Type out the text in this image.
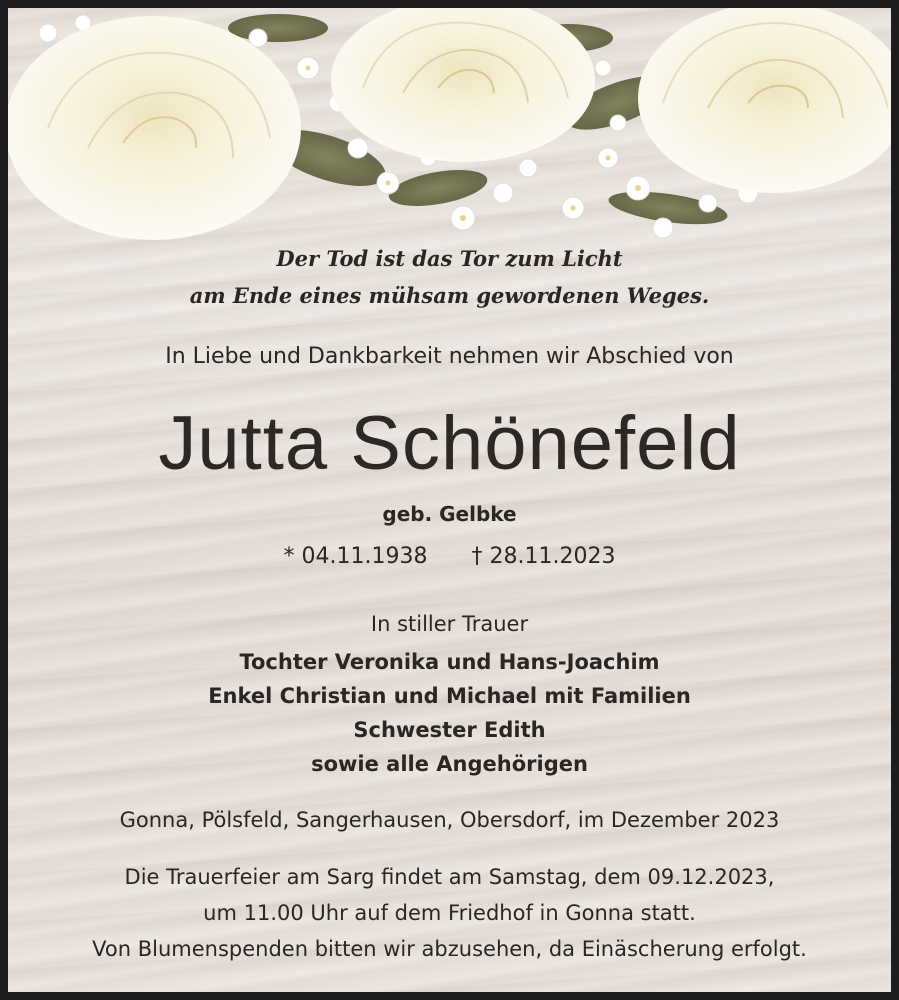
Der Tod ist das Tor zum Licht
am Ende eines mühsam gewordenen Weges.
In Liebe und Dankbarkeit nehmen wir Abschied von
Jutta Schönefeld
geb. Gelbke
* 04.11.1938 † 28.11.2023
In stiller Trauer
Tochter Veronika und Hans-Joachim
Enkel Christian und Michael mit Familien
Schwester Edith
sowie alle Angehörigen
Gonna, Pölsfeld, Sangerhausen, Obersdorf, im Dezember 2023
Die Trauerfeier am Sarg findet am Samstag, dem 09.12.2023,
um 11.00 Uhr auf dem Friedhof in Gonna statt.
Von Blumenspenden bitten wir abzusehen, da Einäscherung erfolgt.
